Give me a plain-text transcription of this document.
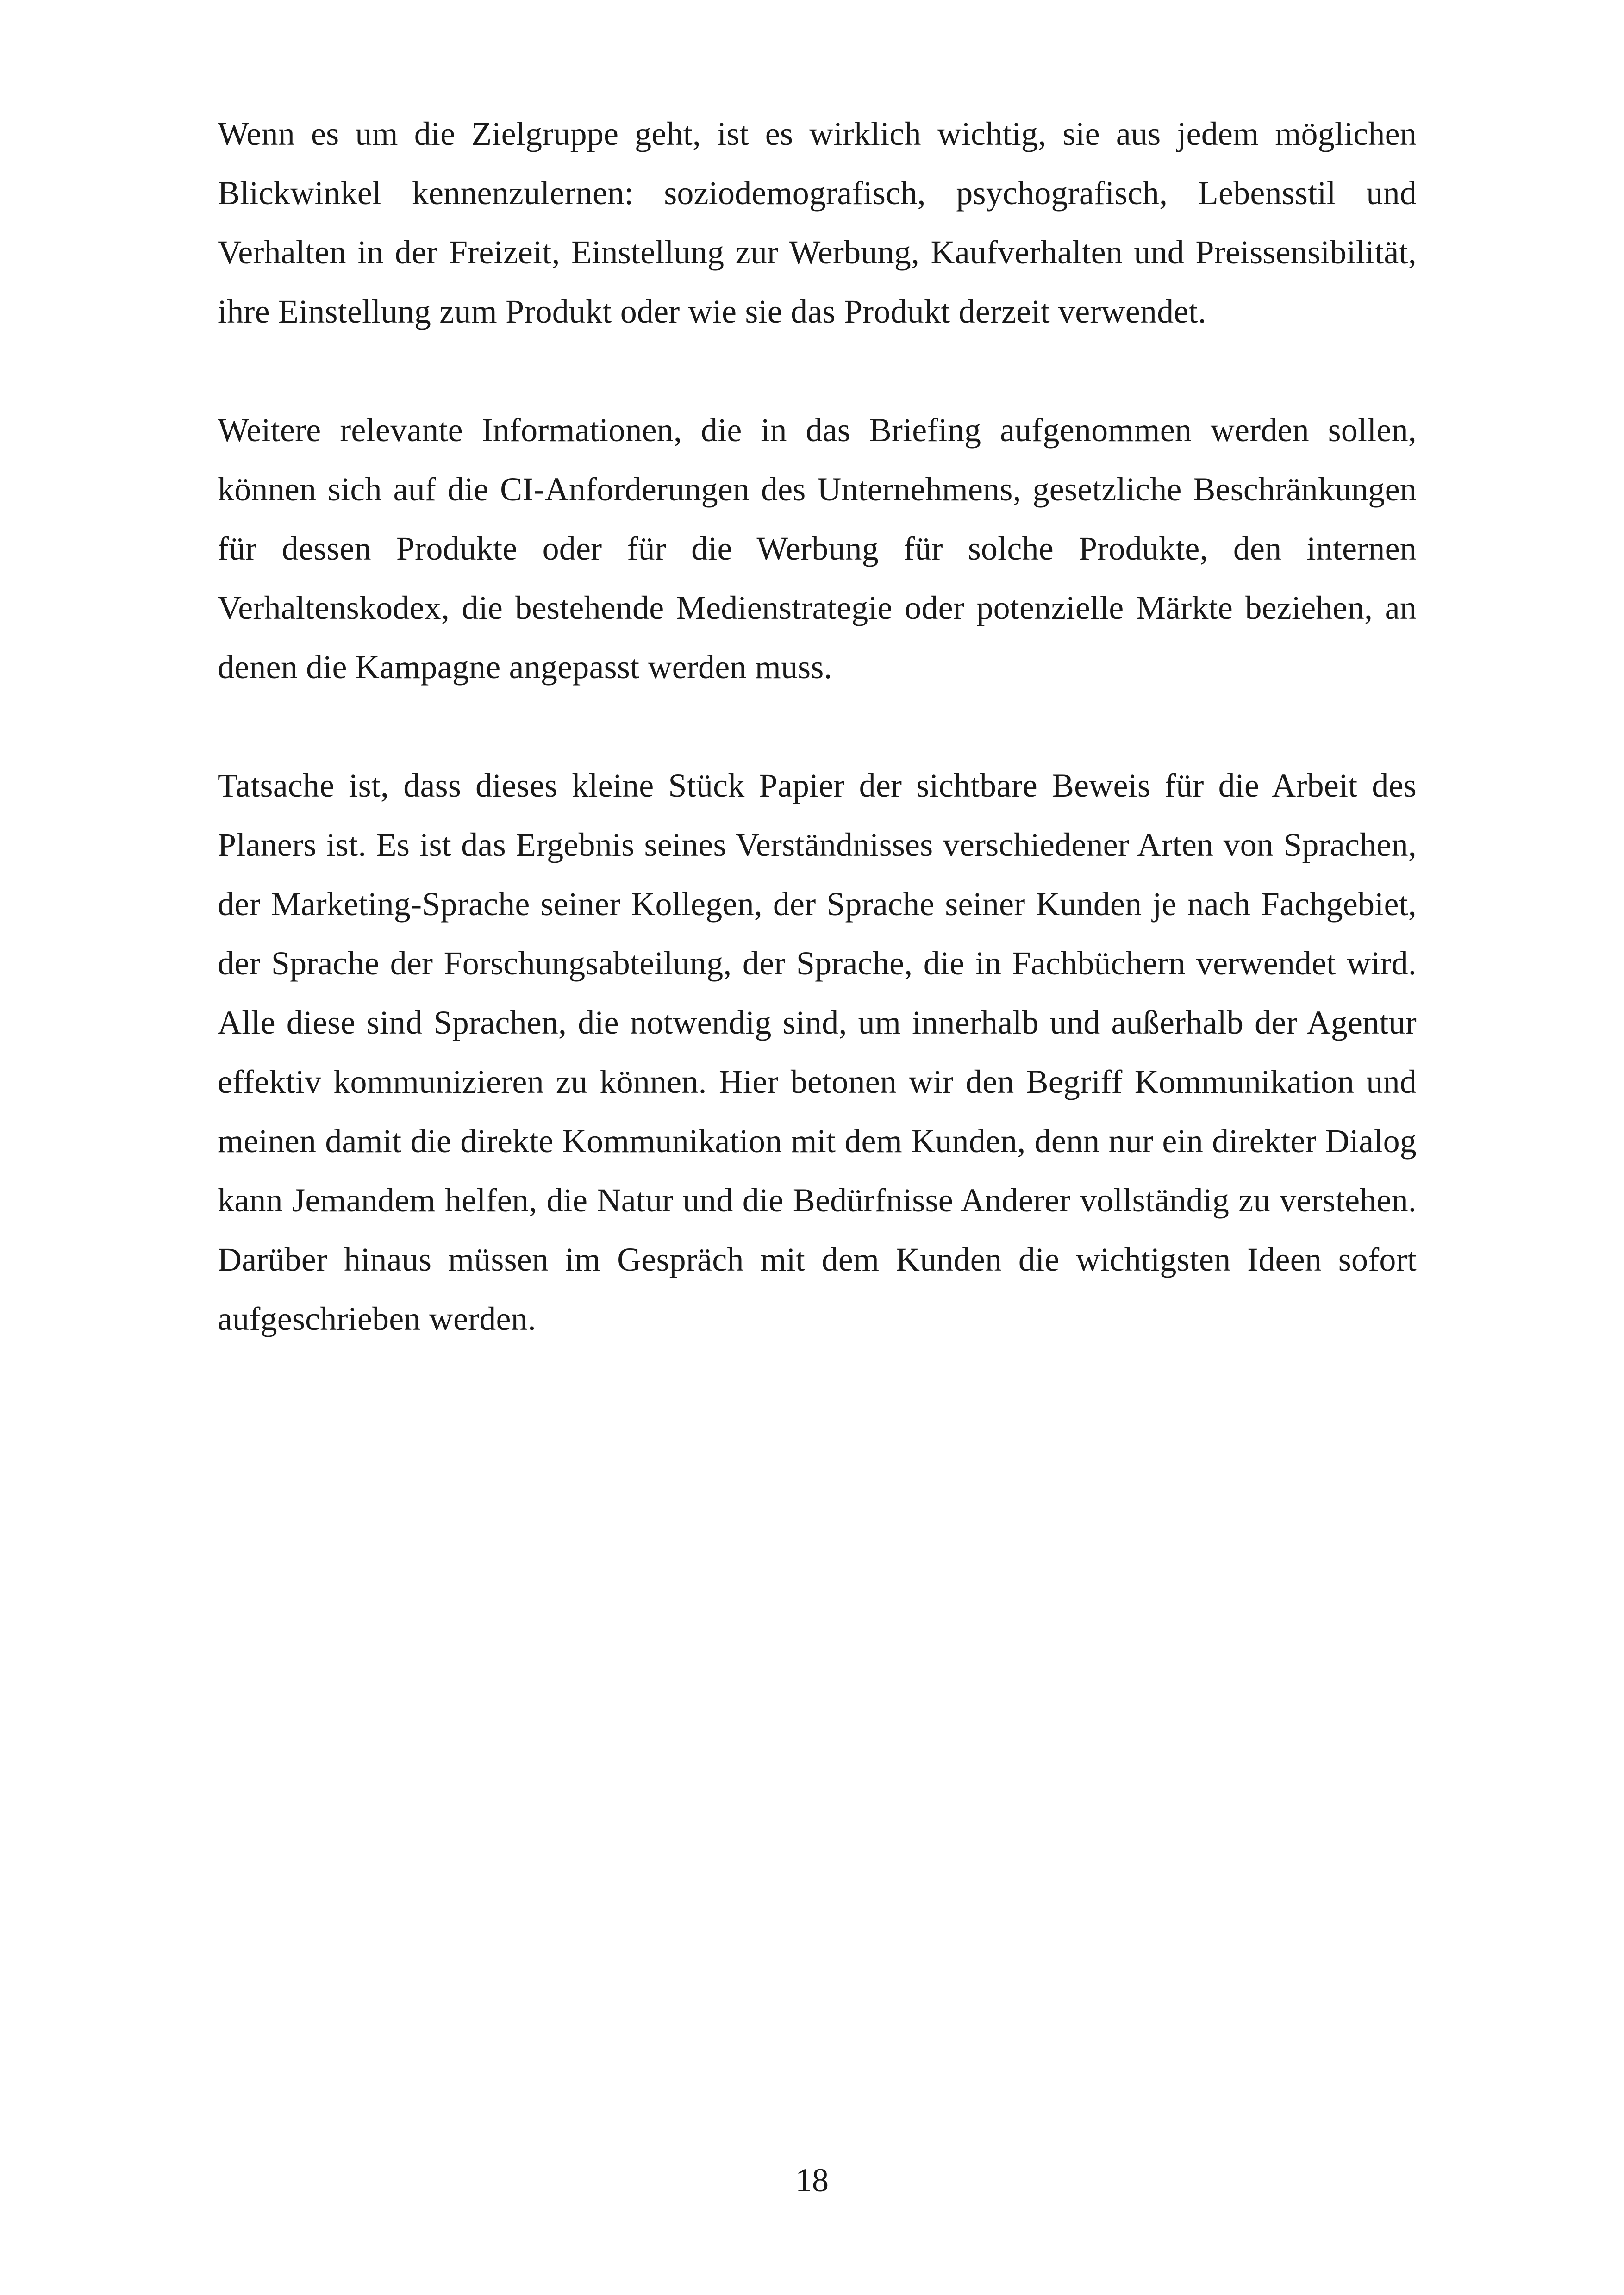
Wenn es um die Zielgruppe geht, ist es wirklich wichtig, sie aus jedem möglichen Blickwinkel kennenzulernen: soziodemografisch, psychografisch, Lebensstil und Verhalten in der Freizeit, Einstellung zur Werbung, Kaufverhalten und Preissensibilität, ihre Einstellung zum Produkt oder wie sie das Produkt derzeit verwendet.

Weitere relevante Informationen, die in das Briefing aufgenommen werden sollen, können sich auf die CI-Anforderungen des Unternehmens, gesetzliche Beschränkungen für dessen Produkte oder für die Werbung für solche Produkte, den internen Verhaltenskodex, die bestehende Medienstrategie oder potenzielle Märkte beziehen, an denen die Kampagne angepasst werden muss.

Tatsache ist, dass dieses kleine Stück Papier der sichtbare Beweis für die Arbeit des Planers ist. Es ist das Ergebnis seines Verständnisses verschiedener Arten von Sprachen, der Marketing-Sprache seiner Kollegen, der Sprache seiner Kunden je nach Fachgebiet, der Sprache der Forschungsabteilung, der Sprache, die in Fachbüchern verwendet wird. Alle diese sind Sprachen, die notwendig sind, um innerhalb und außerhalb der Agentur effektiv kommunizieren zu können. Hier betonen wir den Begriff Kommunikation und meinen damit die direkte Kommunikation mit dem Kunden, denn nur ein direkter Dialog kann Jemandem helfen, die Natur und die Bedürfnisse Anderer vollständig zu verstehen. Darüber hinaus müssen im Gespräch mit dem Kunden die wichtigsten Ideen sofort aufgeschrieben werden.

18
